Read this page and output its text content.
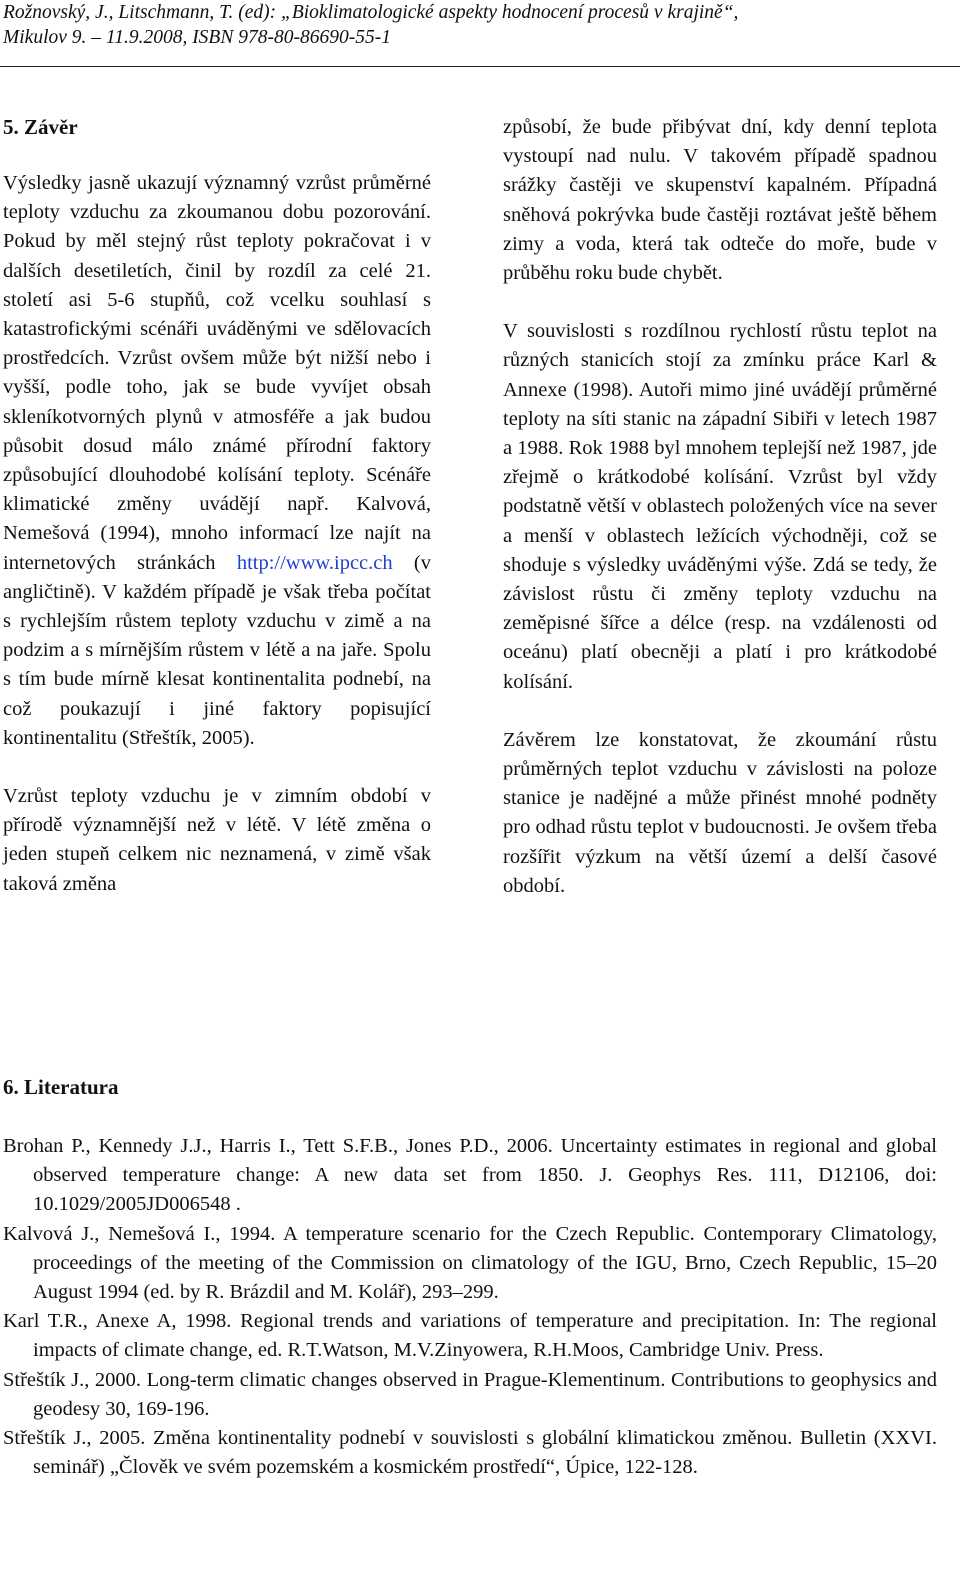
Rožnovský, J., Litschmann, T. (ed): „Bioklimatologické aspekty hodnocení procesů v krajině“,
Mikulov 9. – 11.9.2008, ISBN 978-80-86690-55-1
5. Závěr

Výsledky jasně ukazují významný vzrůst průměrné teploty vzduchu za zkoumanou dobu pozorování. Pokud by měl stejný růst teploty pokračovat i v dalších desetiletích, činil by rozdíl za celé 21. století asi 5-6 stupňů, což vcelku souhlasí s katastrofickými scénáři uváděnými ve sdělovacích prostředcích. Vzrůst ovšem může být nižší nebo i vyšší, podle toho, jak se bude vyvíjet obsah skleníkotvorných plynů v atmosféře a jak budou působit dosud málo známé přírodní faktory způsobující dlouhodobé kolísání teploty. Scénáře klimatické změny uvádějí např. Kalvová, Nemešová (1994), mnoho informací lze najít na internetových stránkách http://www.ipcc.ch (v angličtině). V každém případě je však třeba počítat s rychlejším růstem teploty vzduchu v zimě a na podzim a s mírnějším růstem v létě a na jaře. Spolu s tím bude mírně klesat kontinentalita podnebí, na což poukazují i jiné faktory popisující kontinentalitu (Střeštík, 2005).

Vzrůst teploty vzduchu je v zimním období v přírodě významnější než v létě. V létě změna o jeden stupeň celkem nic neznamená, v zimě však taková změna

způsobí, že bude přibývat dní, kdy denní teplota vystoupí nad nulu. V takovém případě spadnou srážky častěji ve skupenství kapalném. Případná sněhová pokrývka bude častěji roztávat ještě během zimy a voda, která tak odteče do moře, bude v průběhu roku bude chybět.

V souvislosti s rozdílnou rychlostí růstu teplot na různých stanicích stojí za zmínku práce Karl & Annexe (1998). Autoři mimo jiné uvádějí průměrné teploty na síti stanic na západní Sibiři v letech 1987 a 1988. Rok 1988 byl mnohem teplejší než 1987, jde zřejmě o krátkodobé kolísání. Vzrůst byl vždy podstatně větší v oblastech položených více na sever a menší v oblastech ležících východněji, což se shoduje s výsledky uváděnými výše. Zdá se tedy, že závislost růstu či změny teploty vzduchu na zeměpisné šířce a délce (resp. na vzdálenosti od oceánu) platí obecněji a platí i pro krátkodobé kolísání.

Závěrem lze konstatovat, že zkoumání růstu průměrných teplot vzduchu v závislosti na poloze stanice je nadějné a může přinést mnohé podněty pro odhad růstu teplot v budoucnosti. Je ovšem třeba rozšířit výzkum na větší území a delší časové období.

6. Literatura

Brohan P., Kennedy J.J., Harris I., Tett S.F.B., Jones P.D., 2006. Uncertainty estimates in regional and global observed temperature change: A new data set from 1850. J. Geophys Res. 111, D12106, doi: 10.1029/2005JD006548 .

Kalvová J., Nemešová I., 1994. A temperature scenario for the Czech Republic. Contemporary Climatology, proceedings of the meeting of the Commission on climatology of the IGU, Brno, Czech Republic, 15–20 August 1994 (ed. by R. Brázdil and M. Kolář), 293–299.

Karl T.R., Anexe A, 1998. Regional trends and variations of temperature and precipitation. In: The regional impacts of climate change, ed. R.T.Watson, M.V.Zinyowera, R.H.Moos, Cambridge Univ. Press.

Střeštík J., 2000. Long-term climatic changes observed in Prague-Klementinum. Contributions to geophysics and geodesy 30, 169-196.

Střeštík J., 2005. Změna kontinentality podnebí v souvislosti s globální klimatickou změnou. Bulletin (XXVI. seminář) „Člověk ve svém pozemském a kosmickém prostředí“, Úpice, 122-128.
